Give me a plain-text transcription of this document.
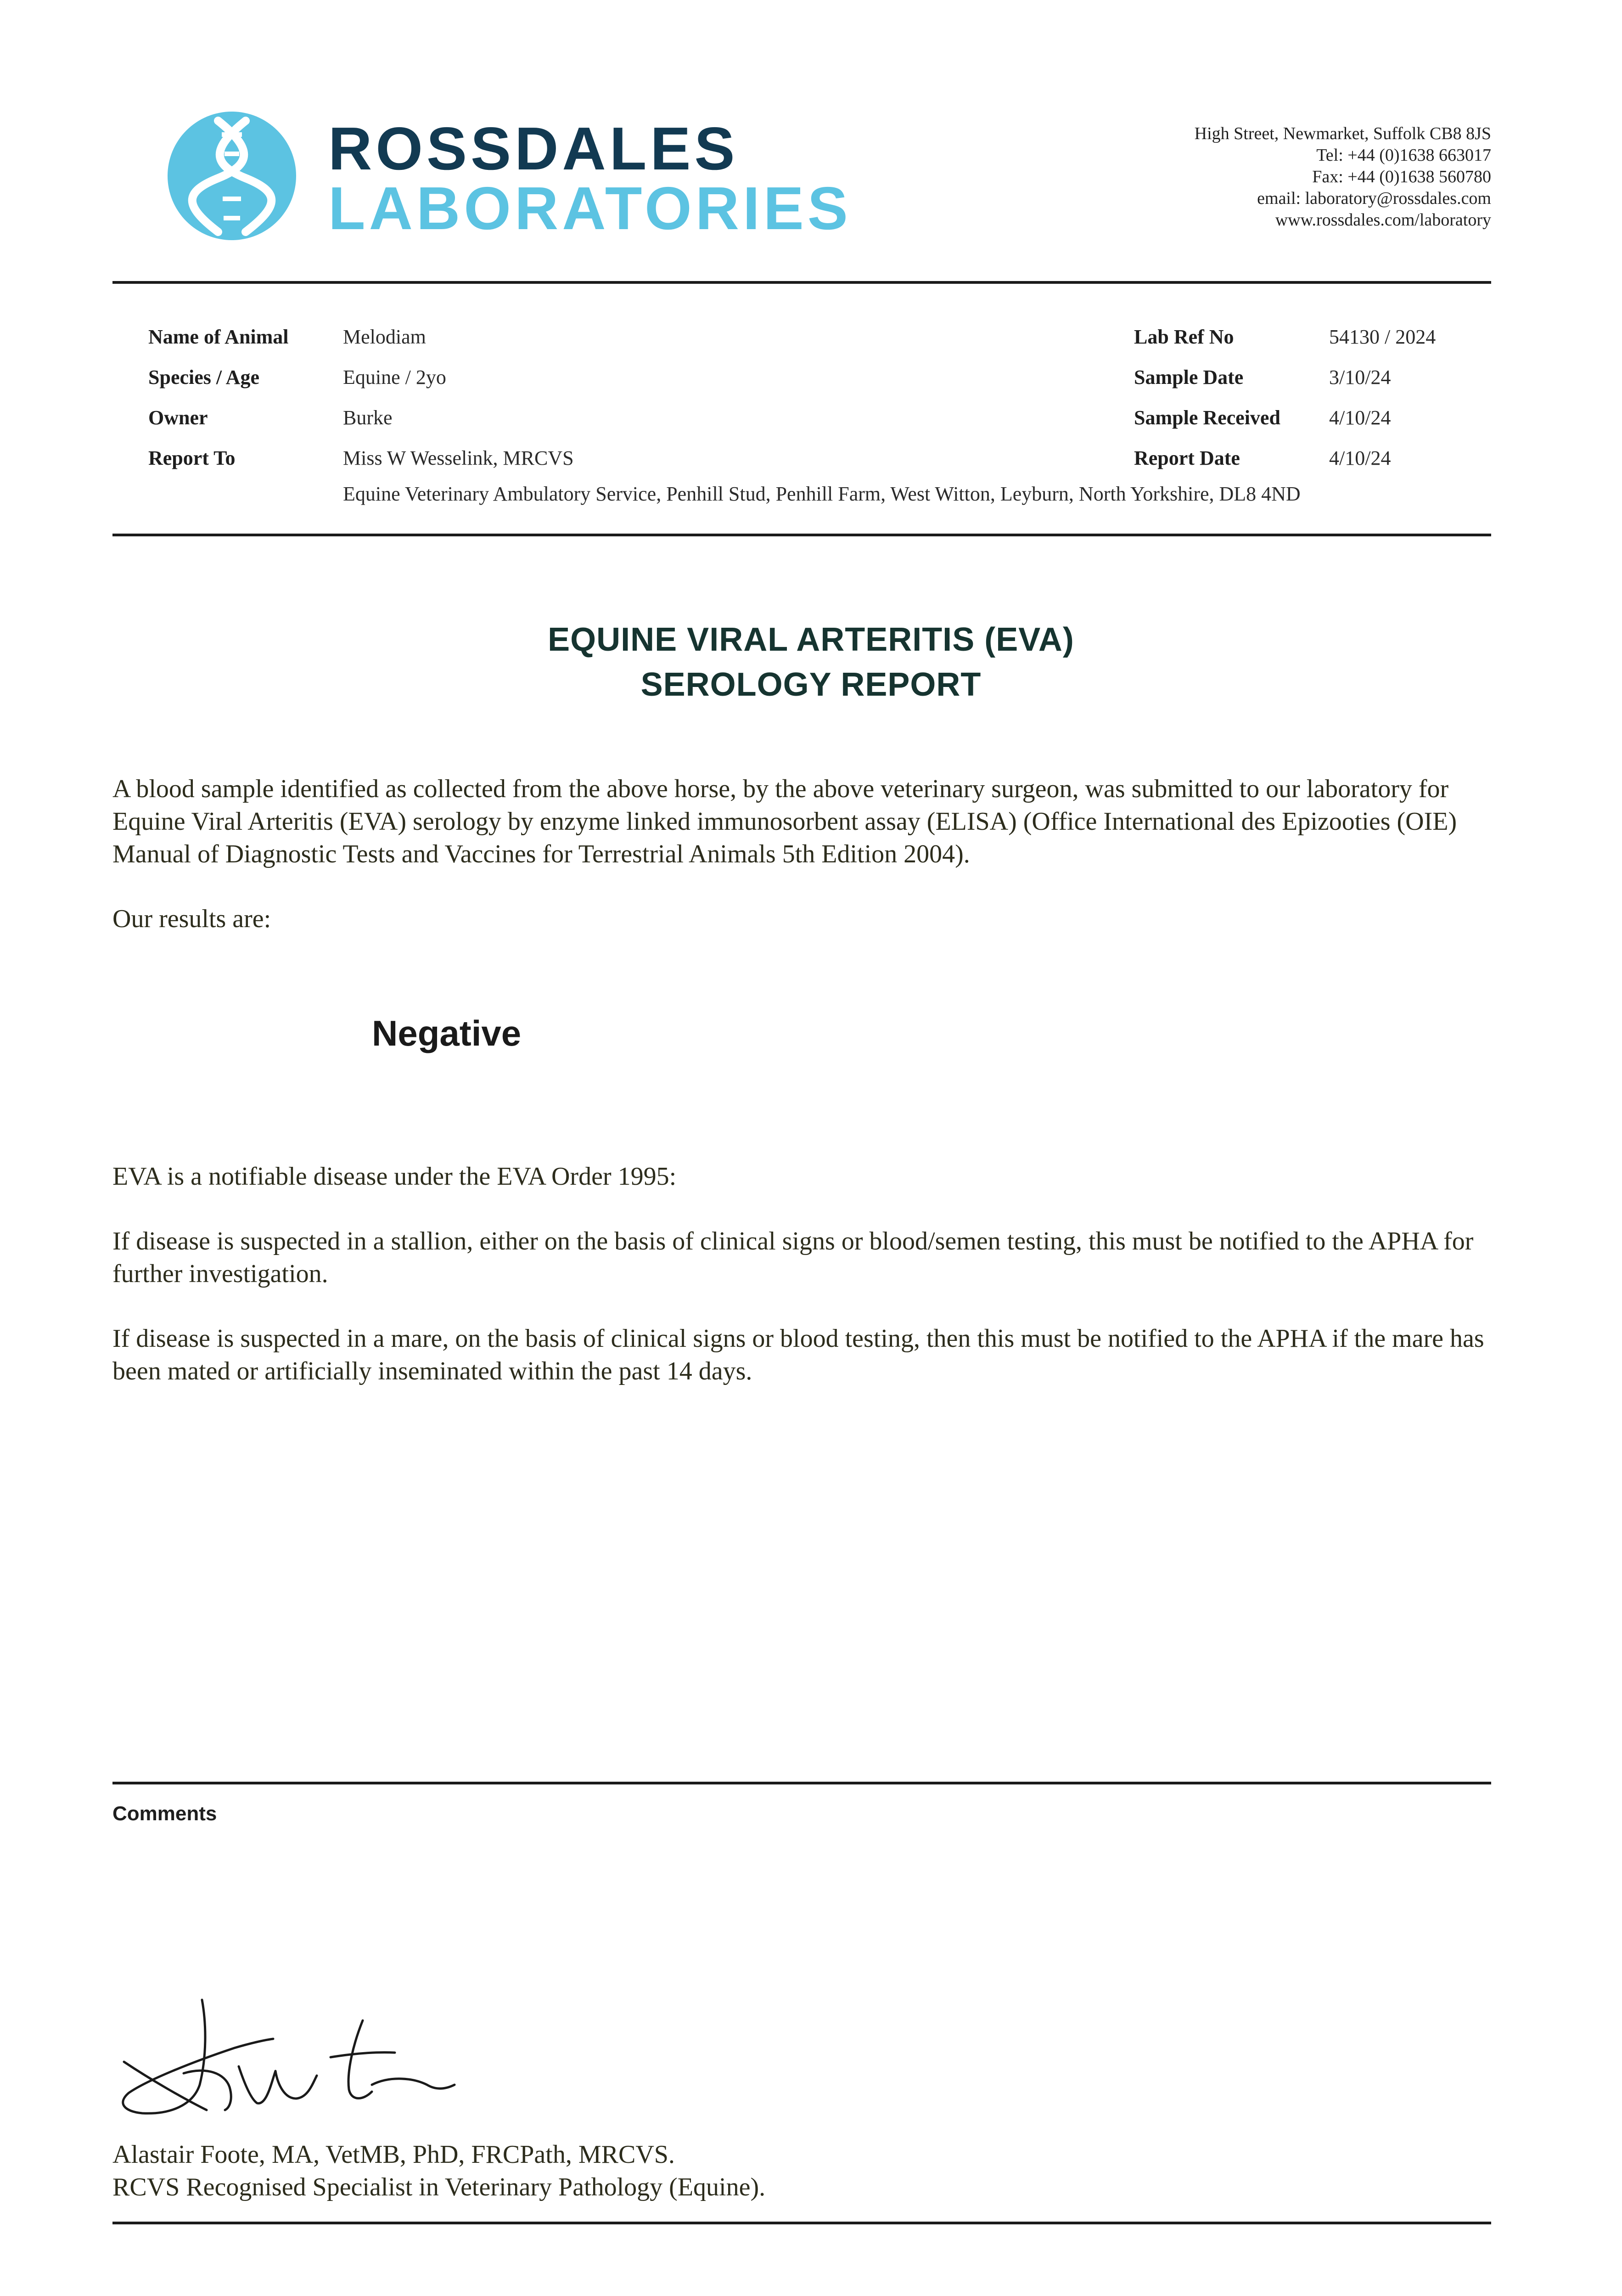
ROSSDALES
LABORATORIES
High Street, Newmarket, Suffolk CB8 8JS
Tel: +44 (0)1638 663017
Fax: +44 (0)1638 560780
email: laboratory@rossdales.com
www.rossdales.com/laboratory
Name of Animal	Melodiam
Species / Age	Equine / 2yo
Owner	Burke
Report To	Miss W Wesselink, MRCVS
Equine Veterinary Ambulatory Service, Penhill Stud, Penhill Farm, West Witton, Leyburn, North Yorkshire, DL8 4ND
Lab Ref No	54130 / 2024
Sample Date	3/10/24
Sample Received 4/10/24
Report Date	4/10/24
EQUINE VIRAL ARTERITIS (EVA)
SEROLOGY REPORT
A blood sample identified as collected from the above horse, by the above veterinary surgeon, was submitted to our laboratory for Equine Viral Arteritis (EVA) serology by enzyme linked immunosorbent assay (ELISA) (Office International des Epizooties (OIE) Manual of Diagnostic Tests and Vaccines for Terrestrial Animals 5th Edition 2004).
Our results are:
Negative
EVA is a notifiable disease under the EVA Order 1995:
If disease is suspected in a stallion, either on the basis of clinical signs or blood/semen testing, this must be notified to the APHA for further investigation.
If disease is suspected in a mare, on the basis of clinical signs or blood testing, then this must be notified to the APHA if the mare has been mated or artificially inseminated within the past 14 days.
Comments
Alastair Foote, MA, VetMB, PhD, FRCPath, MRCVS.
RCVS Recognised Specialist in Veterinary Pathology (Equine).
